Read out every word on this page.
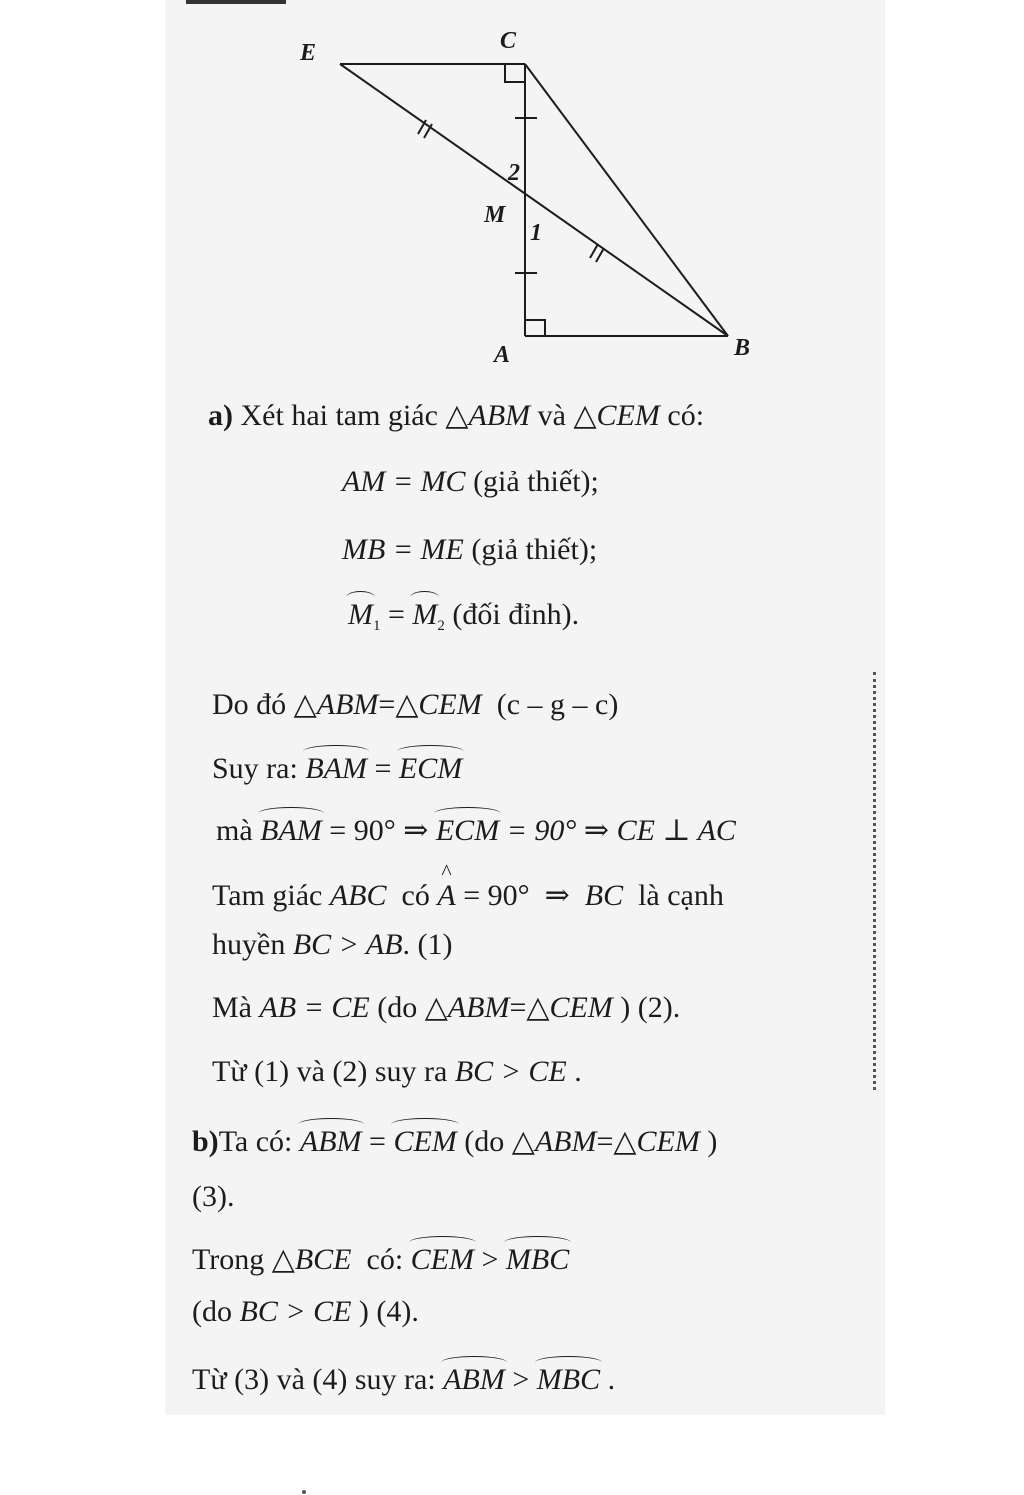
E	C
M
A	B
1
2
a) Xét hai tam giác △ABM và △CEM có:
AM = MC (giả thiết);
MB = ME (giả thiết);
$M_1 = M_2$ (đối đỉnh).
Do đó △ABM=△CEM (c – g – c)
Suy ra: BAM = ECM
mà BAM = 90° ⇒ ECM = 90° ⇒ CE ⊥ AC
Tam giác ABC có ^ A = 90° ⇒ BC là cạnh
huyền BC > AB. (1)
Mà AB = CE (do △ABM=△CEM ) (2).
Từ (1) và (2) suy ra BC > CE .
b)Ta có: ABM = CEM (do △ABM=△CEM )
(3).
Trong △BCE có: CEM > MBC
(do BC > CE ) (4).
Từ (3) và (4) suy ra: ABM > MBC .
